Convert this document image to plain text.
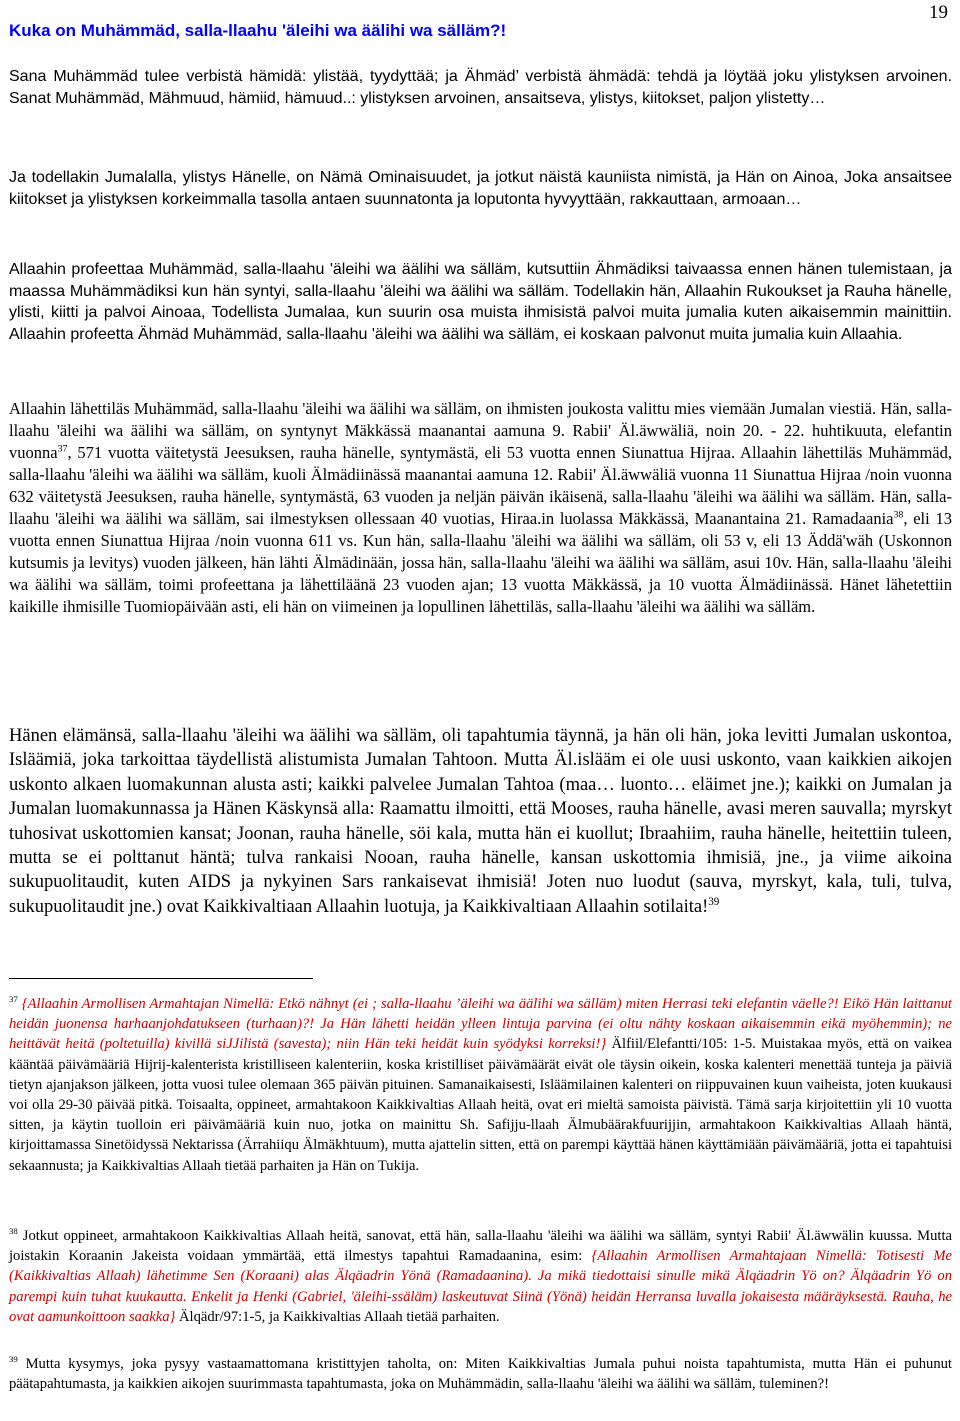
19
Kuka on Muhämmäd, salla-llaahu 'äleihi wa äälihi wa sälläm?!

Sana Muhämmäd tulee verbistä hämidä: ylistää, tyydyttää; ja Ähmäd’ verbistä ähmädä: tehdä ja löytää joku ylistyksen arvoinen. Sanat Muhämmäd, Mähmuud, hämiid, hämuud..: ylistyksen arvoinen, ansaitseva, ylistys, kiitokset, paljon ylistetty…

Ja todellakin Jumalalla, ylistys Hänelle, on Nämä Ominaisuudet, ja jotkut näistä kauniista nimistä, ja Hän on Ainoa, Joka ansaitsee kiitokset ja ylistyksen korkeimmalla tasolla antaen suunnatonta ja loputonta hyvyyttään, rakkauttaan, armoaan…

Allaahin profeettaa Muhämmäd, salla-llaahu 'äleihi wa äälihi wa sälläm, kutsuttiin Ähmädiksi taivaassa ennen hänen tulemistaan, ja maassa Muhämmädiksi kun hän syntyi, salla-llaahu 'äleihi wa äälihi wa sälläm. Todellakin hän, Allaahin Rukoukset ja Rauha hänelle, ylisti, kiitti ja palvoi Ainoaa, Todellista Jumalaa, kun suurin osa muista ihmisistä palvoi muita jumalia kuten aikaisemmin mainittiin. Allaahin profeetta Ähmäd Muhämmäd, salla-llaahu 'äleihi wa äälihi wa sälläm, ei koskaan palvonut muita jumalia kuin Allaahia.

Allaahin lähettiläs Muhämmäd, salla-llaahu 'äleihi wa äälihi wa sälläm, on ihmisten joukosta valittu mies viemään Jumalan viestiä. Hän, salla-llaahu 'äleihi wa äälihi wa sälläm, on syntynyt Mäkkässä maanantai aamuna 9. Rabii' Äl.äwwäliä, noin 20. - 22. huhtikuuta, elefantin vuonna$^{37}$, 571 vuotta väitetystä Jeesuksen, rauha hänelle, syntymästä, eli 53 vuotta ennen Siunattua Hijraa. Allaahin lähettiläs Muhämmäd, salla-llaahu 'äleihi wa äälihi wa sälläm, kuoli Älmädiinässä maanantai aamuna 12. Rabii' Äl.äwwäliä vuonna 11 Siunattua Hijraa /noin vuonna 632 väitetystä Jeesuksen, rauha hänelle, syntymästä, 63 vuoden ja neljän päivän ikäisenä, salla-llaahu 'äleihi wa äälihi wa sälläm. Hän, salla-llaahu 'äleihi wa äälihi wa sälläm, sai ilmestyksen ollessaan 40 vuotias, Hiraa.in luolassa Mäkkässä, Maanantaina 21. Ramadaania$^{38}$, eli 13 vuotta ennen Siunattua Hijraa /noin vuonna 611 vs. Kun hän, salla-llaahu 'äleihi wa äälihi wa sälläm, oli 53 v, eli 13 Äddä'wäh (Uskonnon kutsumis ja levitys) vuoden jälkeen, hän lähti Älmädinään, jossa hän, salla-llaahu 'äleihi wa äälihi wa sälläm, asui 10v. Hän, salla-llaahu 'äleihi wa äälihi wa sälläm, toimi profeettana ja lähettiläänä 23 vuoden ajan; 13 vuotta Mäkkässä, ja 10 vuotta Älmädiinässä. Hänet lähetettiin kaikille ihmisille Tuomiopäivään asti, eli hän on viimeinen ja lopullinen lähettiläs, salla-llaahu 'äleihi wa äälihi wa sälläm.

Hänen elämänsä, salla-llaahu 'äleihi wa äälihi wa sälläm, oli tapahtumia täynnä, ja hän oli hän, joka levitti Jumalan uskontoa, Isläämiä, joka tarkoittaa täydellistä alistumista Jumalan Tahtoon. Mutta Äl.islääm ei ole uusi uskonto, vaan kaikkien aikojen uskonto alkaen luomakunnan alusta asti; kaikki palvelee Jumalan Tahtoa (maa… luonto… eläimet jne.); kaikki on Jumalan ja Jumalan luomakunnassa ja Hänen Käskynsä alla: Raamattu ilmoitti, että Mooses, rauha hänelle, avasi meren sauvalla; myrskyt tuhosivat uskottomien kansat; Joonan, rauha hänelle, söi kala, mutta hän ei kuollut; Ibraahiim, rauha hänelle, heitettiin tuleen, mutta se ei polttanut häntä; tulva rankaisi Nooan, rauha hänelle, kansan uskottomia ihmisiä, jne., ja viime aikoina sukupuolitaudit, kuten AIDS ja nykyinen Sars rankaisevat ihmisiä! Joten nuo luodut (sauva, myrskyt, kala, tuli, tulva, sukupuolitaudit jne.) ovat Kaikkivaltiaan Allaahin luotuja, ja Kaikkivaltiaan Allaahin sotilaita!$^{39}$

$^{37}$ {Allaahin Armollisen Armahtajan Nimellä: Etkö nähnyt (ei ; salla-llaahu ’äleihi wa äälihi wa sälläm) miten Herrasi teki elefantin väelle?! Eikö Hän laittanut heidän juonensa harhaanjohdatukseen (turhaan)?! Ja Hän lähetti heidän ylleen lintuja parvina (ei oltu nähty koskaan aikaisemmin eikä myöhemmin); ne heittävät heitä (poltetuilla) kivillä siJJilistä (savesta); niin Hän teki heidät kuin syödyksi korreksi!} Älfiil/Elefantti/105: 1-5. Muistakaa myös, että on vaikea kääntää päivämääriä Hijrij-kalenterista kristilliseen kalenteriin, koska kristilliset päivämäärät eivät ole täysin oikein, koska kalenteri menettää tunteja ja päiviä tietyn ajanjakson jälkeen, jotta vuosi tulee olemaan 365 päivän pituinen. Samanaikaisesti, Isläämilainen kalenteri on riippuvainen kuun vaiheista, joten kuukausi voi olla 29-30 päivää pitkä. Toisaalta, oppineet, armahtakoon Kaikkivaltias Allaah heitä, ovat eri mieltä samoista päivistä. Tämä sarja kirjoitettiin yli 10 vuotta sitten, ja käytin tuolloin eri päivämääriä kuin nuo, jotka on mainittu Sh. Safijju-llaah Älmubäärakfuurijjin, armahtakoon Kaikkivaltias Allaah häntä, kirjoittamassa Sinetöidyssä Nektarissa (Ärrahiiqu Älmäkhtuum), mutta ajattelin sitten, että on parempi käyttää hänen käyttämiään päivämääriä, jotta ei tapahtuisi sekaannusta; ja Kaikkivaltias Allaah tietää parhaiten ja Hän on Tukija.

$^{38}$ Jotkut oppineet, armahtakoon Kaikkivaltias Allaah heitä, sanovat, että hän, salla-llaahu 'äleihi wa äälihi wa sälläm, syntyi Rabii' Äl.äwwälin kuussa. Mutta joistakin Koraanin Jakeista voidaan ymmärtää, että ilmestys tapahtui Ramadaanina, esim: {Allaahin Armollisen Armahtajaan Nimellä: Totisesti Me (Kaikkivaltias Allaah) lähetimme Sen (Koraani) alas Älqäadrin Yönä (Ramadaanina). Ja mikä tiedottaisi sinulle mikä Älqäadrin Yö on? Älqäadrin Yö on parempi kuin tuhat kuukautta. Enkelit ja Henki (Gabriel, 'äleihi-ssäläm) laskeutuvat Siinä (Yönä) heidän Herransa luvalla jokaisesta määräyksestä. Rauha, he ovat aamunkoittoon saakka} Älqädr/97:1-5, ja Kaikkivaltias Allaah tietää parhaiten.

$^{39}$ Mutta kysymys, joka pysyy vastaamattomana kristittyjen taholta, on: Miten Kaikkivaltias Jumala puhui noista tapahtumista, mutta Hän ei puhunut päätapahtumasta, ja kaikkien aikojen suurimmasta tapahtumasta, joka on Muhämmädin, salla-llaahu 'äleihi wa äälihi wa sälläm, tuleminen?!
